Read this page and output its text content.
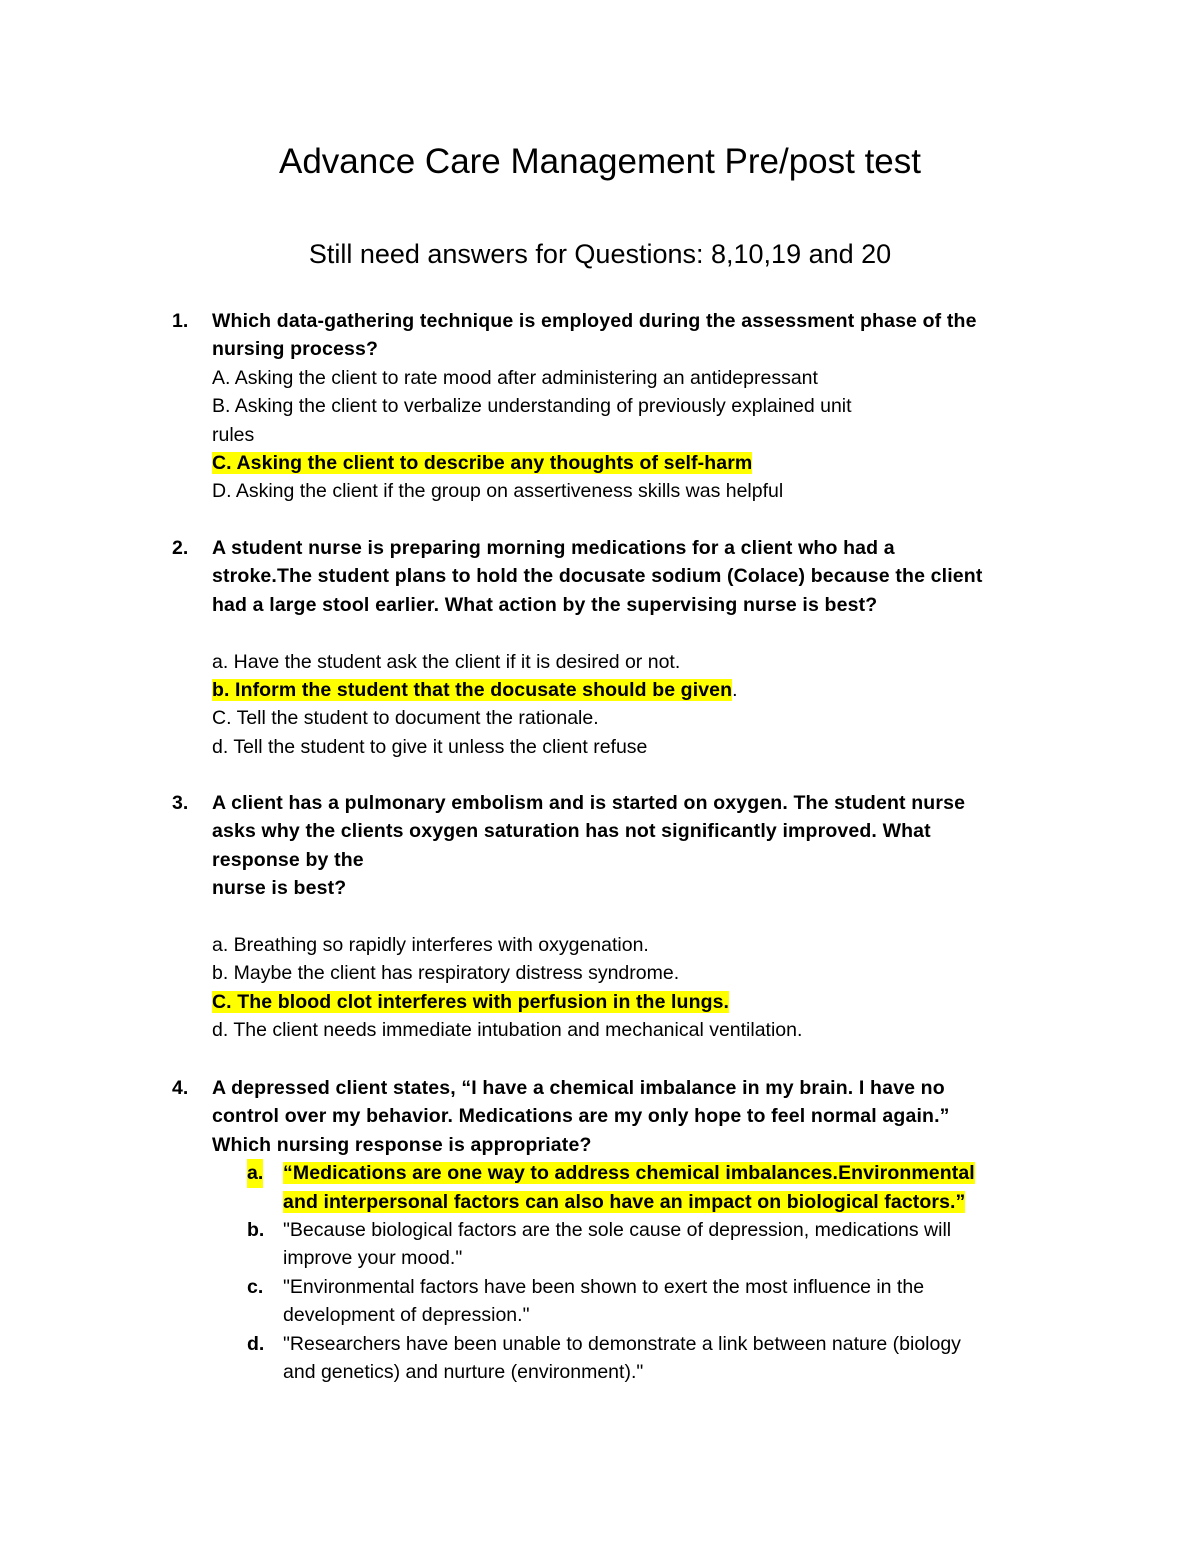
Advance Care Management Pre/post test
Still need answers for Questions: 8,10,19 and 20
1. Which data-gathering technique is employed during the assessment phase of the
nursing process?
A. Asking the client to rate mood after administering an antidepressant
B. Asking the client to verbalize understanding of previously explained unit
rules
C. Asking the client to describe any thoughts of self-harm
D. Asking the client if the group on assertiveness skills was helpful
2. A student nurse is preparing morning medications for a client who had a
stroke.The student plans to hold the docusate sodium (Colace) because the client
had a large stool earlier. What action by the supervising nurse is best?
a. Have the student ask the client if it is desired or not.
b. Inform the student that the docusate should be given.
C. Tell the student to document the rationale.
d. Tell the student to give it unless the client refuse
3. A client has a pulmonary embolism and is started on oxygen. The student nurse
asks why the clients oxygen saturation has not significantly improved. What
response by the
nurse is best?
a. Breathing so rapidly interferes with oxygenation.
b. Maybe the client has respiratory distress syndrome.
C. The blood clot interferes with perfusion in the lungs.
d. The client needs immediate intubation and mechanical ventilation.
4. A depressed client states, “I have a chemical imbalance in my brain. I have no
control over my behavior. Medications are my only hope to feel normal again.”
Which nursing response is appropriate?
a. “Medications are one way to address chemical imbalances.Environmental
and interpersonal factors can also have an impact on biological factors.”
b. "Because biological factors are the sole cause of depression, medications will
improve your mood."
c. "Environmental factors have been shown to exert the most influence in the
development of depression."
d. "Researchers have been unable to demonstrate a link between nature (biology
and genetics) and nurture (environment)."
